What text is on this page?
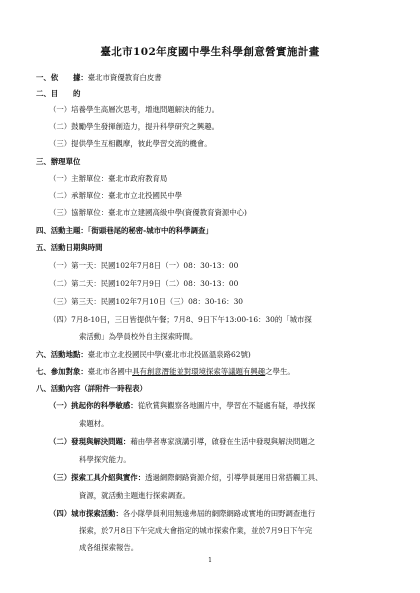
臺北市102年度國中學生科學創意營實施計畫
一、依　　據：臺北市資優教育白皮書
二、目　　的
（一）培養學生高層次思考，增進問題解決的能力。
（二）鼓勵學生發揮創造力，提升科學研究之興趣。
（三）提供學生互相觀摩，彼此學習交流的機會。
三、辦理單位
（一）主辦單位：臺北市政府教育局
（二）承辦單位：臺北市立北投國民中學
（三）協辦單位：臺北市立建國高級中學(資優教育資源中心)
四、活動主題：「街頭巷尾的秘密-城市中的科學調查」
五、活動日期與時間
（一）第一天：民國102年7月8日（一）08：30-13：00
（二）第二天：民國102年7月9日（二）08：30-13：00
（三）第三天：民國102年7月10日（三）08：30-16：30
（四）7月8-10日，三日皆提供午餐；7月8、9日下午13:00-16：30的「城市探
索活動」為學員校外自主探索時間。
六、活動地點：臺北市立北投國民中學(臺北市北投區溫泉路62號)
七、參加對象：臺北市各國中具有創意潛能並對環境探索等議題有興趣之學生。
八、活動內容（詳附件一時程表）
（一）挑起你的科學敏感：從欣賞與觀察各地圖片中，學習在不疑處有疑，尋找探
索題材。
（二）發現與解決問題：藉由學者專家演講引導，啟發在生活中發現與解決問題之
科學探究能力。
（三）探索工具介紹與實作：透過網際網路資源介紹，引導學員運用日常搭觸工具、
資源，就活動主題進行探索調查。
（四）城市探索活動：各小隊學員利用無遠弗屆的網際網路或實地的田野調查進行
探索，於7月8日下午完成大會指定的城市探索作業，並於7月9日下午完
成各組探索報告。
1
